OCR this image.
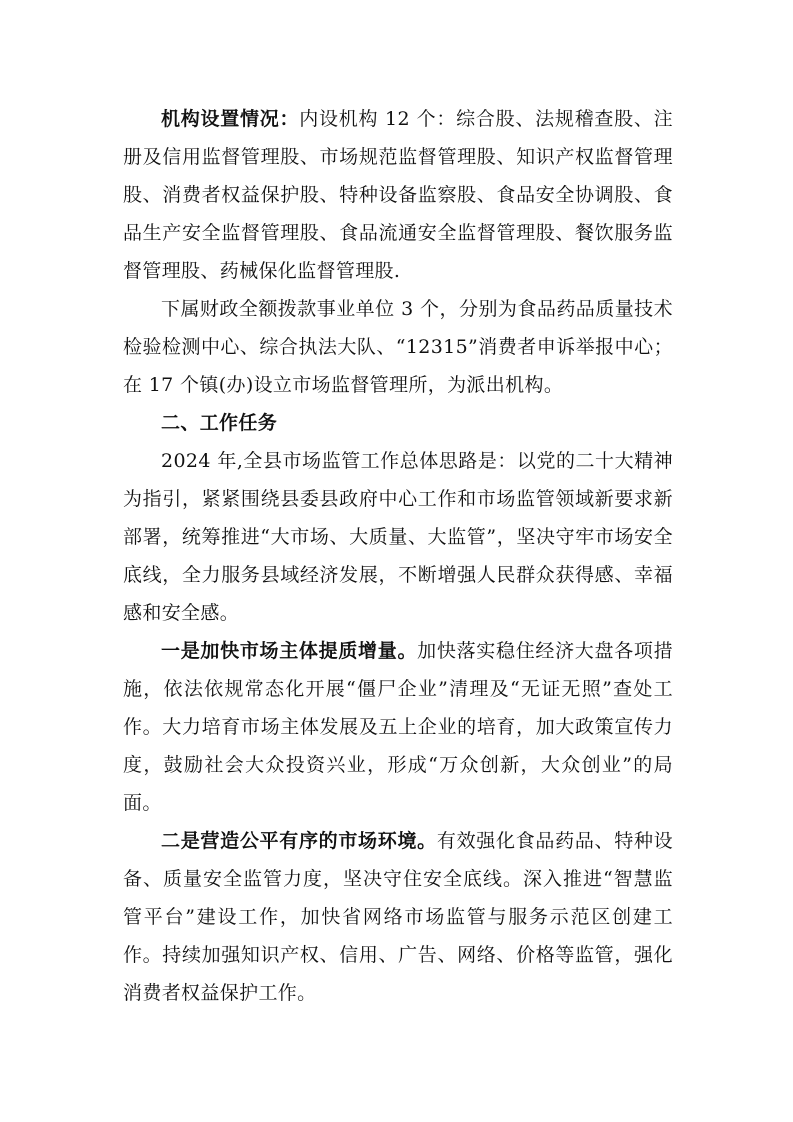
机构设置情况：内设机构 12 个：综合股、法规稽查股、注册及信用监督管理股、市场规范监督管理股、知识产权监督管理股、消费者权益保护股、特种设备监察股、食品安全协调股、食品生产安全监督管理股、食品流通安全监督管理股、餐饮服务监督管理股、药械保化监督管理股.

下属财政全额拨款事业单位 3 个，分别为食品药品质量技术检验检测中心、综合执法大队、“12315”消费者申诉举报中心；在 17 个镇(办)设立市场监督管理所，为派出机构。

二、工作任务

2024 年,全县市场监管工作总体思路是：以党的二十大精神为指引，紧紧围绕县委县政府中心工作和市场监管领域新要求新部署，统筹推进“大市场、大质量、大监管”，坚决守牢市场安全底线，全力服务县域经济发展，不断增强人民群众获得感、幸福感和安全感。

一是加快市场主体提质增量。加快落实稳住经济大盘各项措施，依法依规常态化开展“僵尸企业”清理及“无证无照”查处工作。大力培育市场主体发展及五上企业的培育，加大政策宣传力度，鼓励社会大众投资兴业，形成“万众创新，大众创业”的局面。

二是营造公平有序的市场环境。有效强化食品药品、特种设备、质量安全监管力度，坚决守住安全底线。深入推进“智慧监管平台”建设工作，加快省网络市场监管与服务示范区创建工作。持续加强知识产权、信用、广告、网络、价格等监管，强化消费者权益保护工作。
